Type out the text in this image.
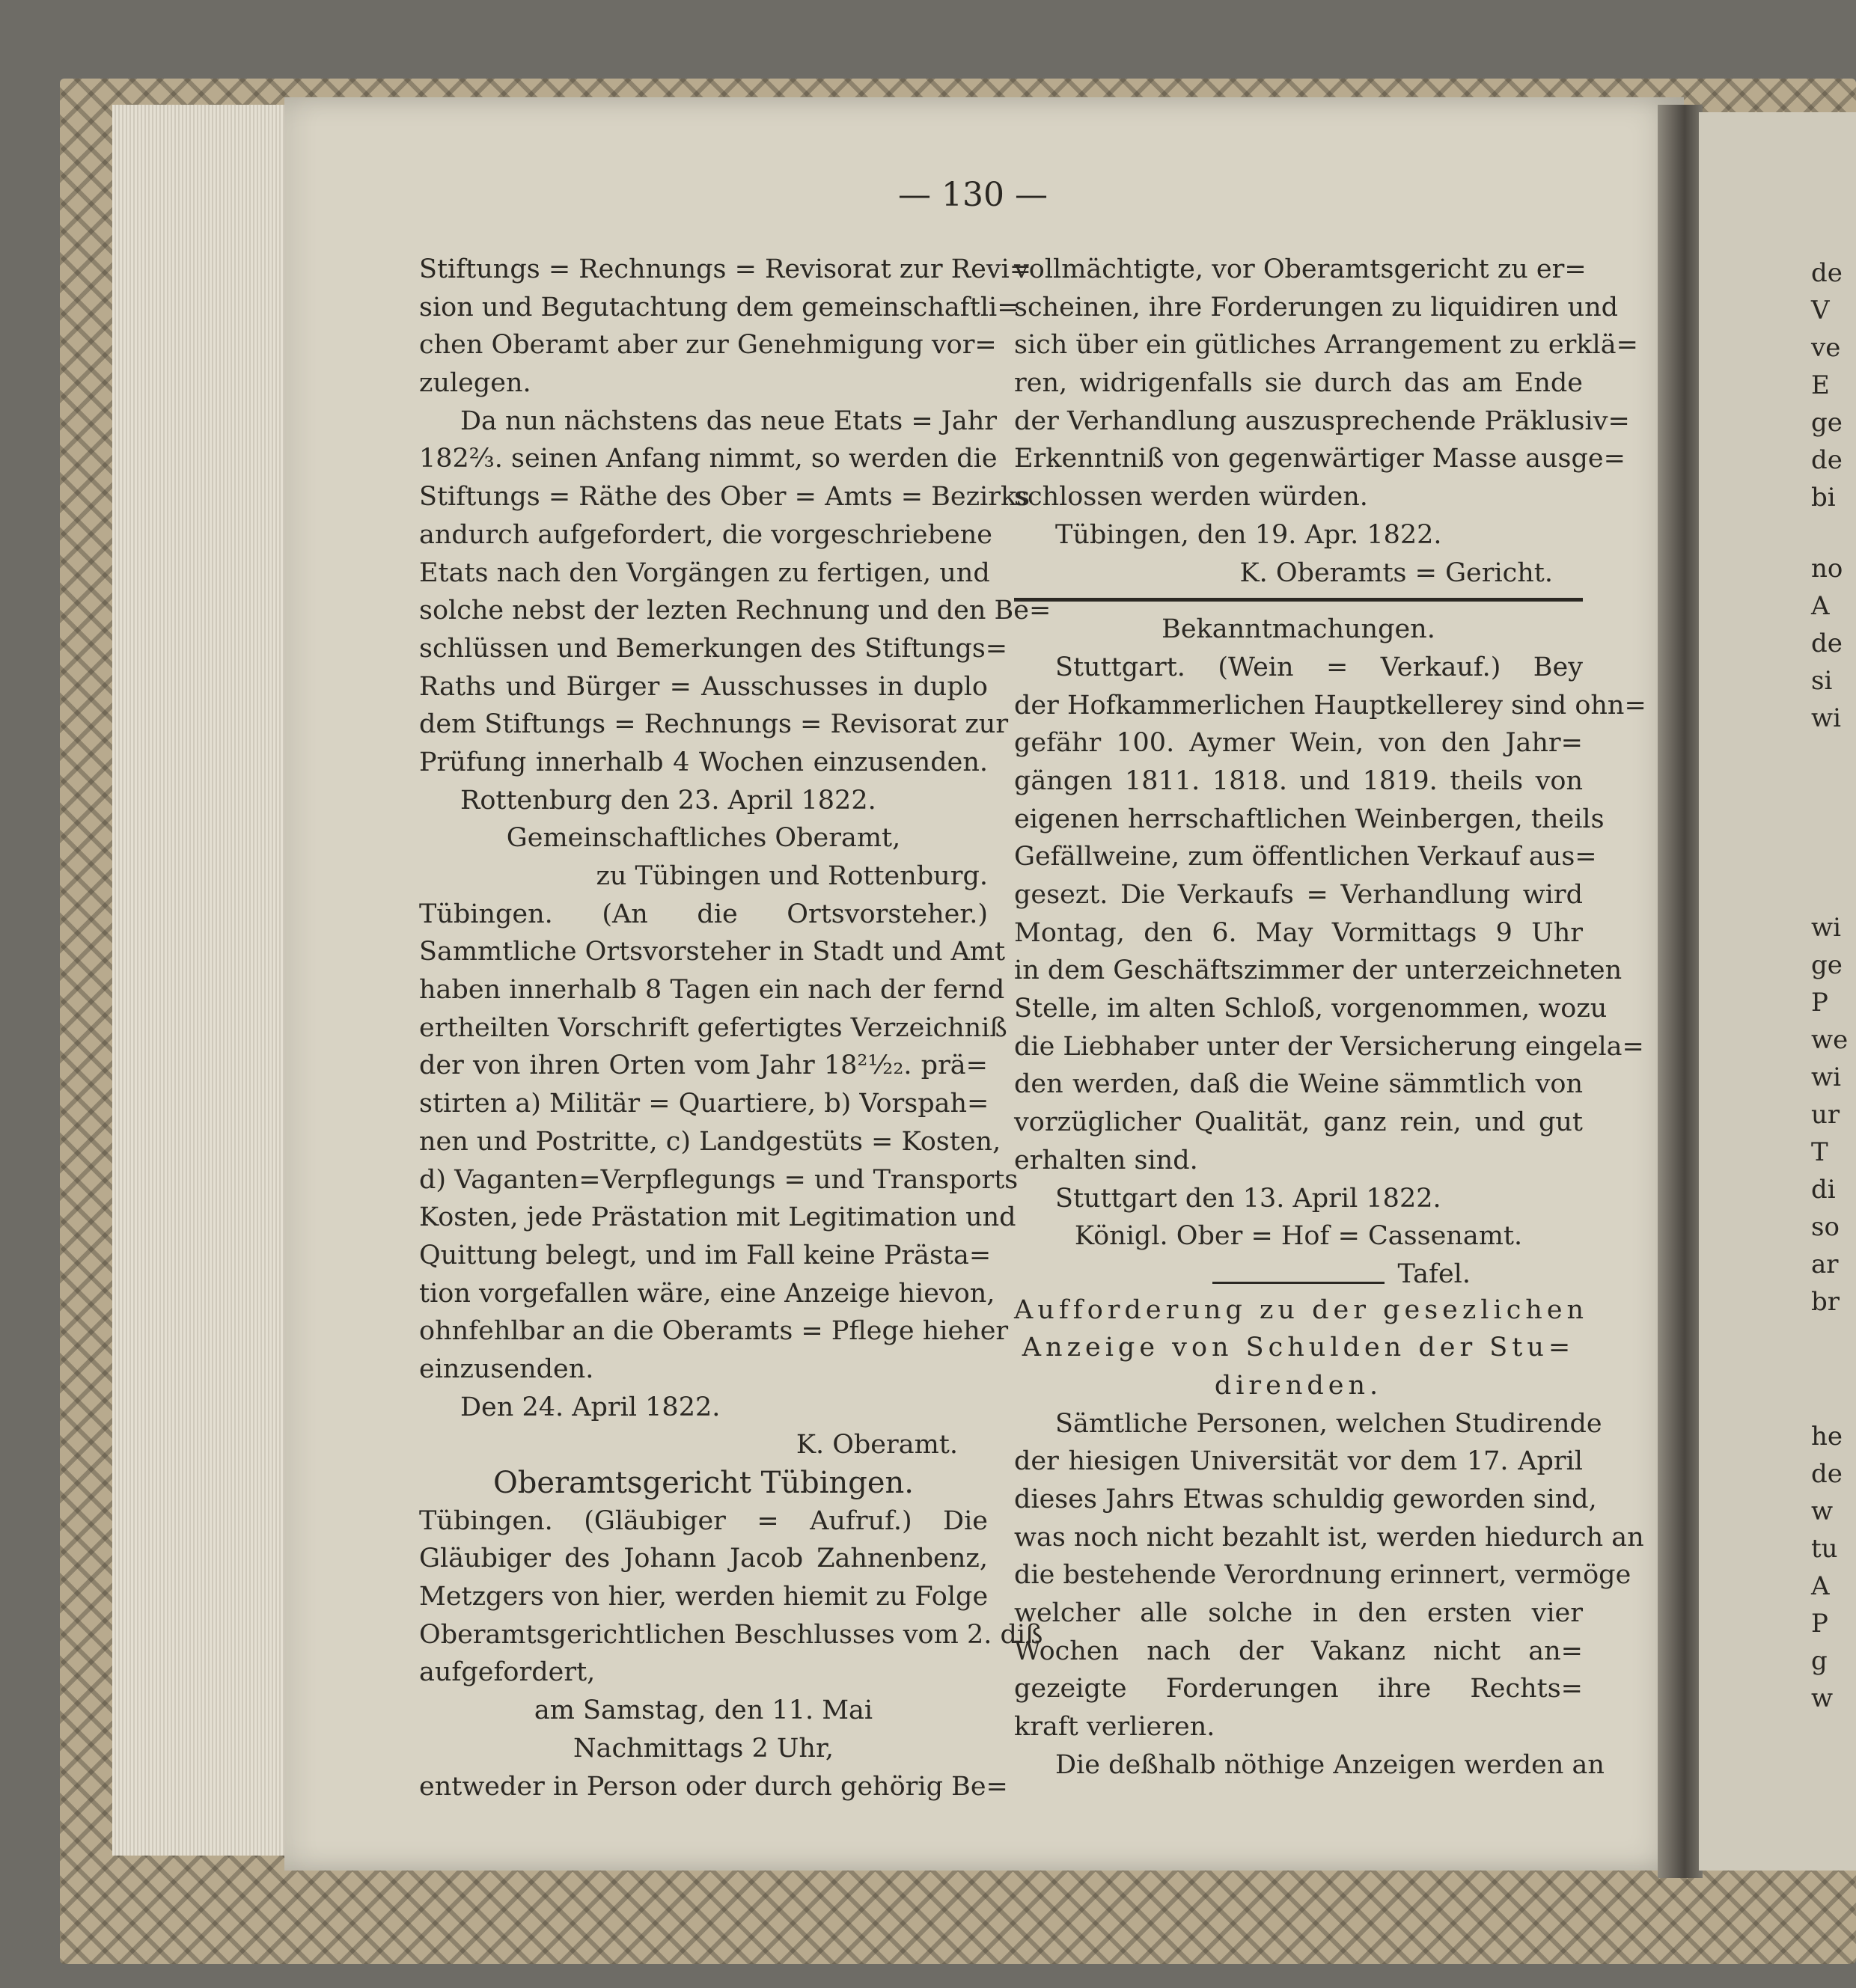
de
V
ve
E
ge
de
bi
no
A
de
si
wi
wi
ge
P
we
wi
ur
T
di
so
ar
br
he
de
w
tu
A
P
g
w
— 130 —
Stiftungs = Rechnungs = Revisorat zur Revi=
sion und Begutachtung dem gemeinschaftli=
chen Oberamt aber zur Genehmigung vor=
zulegen.
Da nun nächstens das neue Etats = Jahr
182⅔. seinen Anfang nimmt, so werden die
Stiftungs = Räthe des Ober = Amts = Bezirks
andurch aufgefordert, die vorgeschriebene
Etats nach den Vorgängen zu fertigen, und
solche nebst der lezten Rechnung und den Be=
schlüssen und Bemerkungen des Stiftungs=
Raths und Bürger = Ausschusses in duplo
dem Stiftungs = Rechnungs = Revisorat zur
Prüfung innerhalb 4 Wochen einzusenden.
Rottenburg den 23. April 1822.
Gemeinschaftliches Oberamt,
zu Tübingen und Rottenburg.
Tübingen. (An die Ortsvorsteher.)
Sammtliche Ortsvorsteher in Stadt und Amt
haben innerhalb 8 Tagen ein nach der fernd
ertheilten Vorschrift gefertigtes Verzeichniß
der von ihren Orten vom Jahr 18²¹⁄₂₂. prä=
stirten a) Militär = Quartiere, b) Vorspah=
nen und Postritte, c) Landgestüts = Kosten,
d) Vaganten=Verpflegungs = und Transports
Kosten, jede Prästation mit Legitimation und
Quittung belegt, und im Fall keine Prästa=
tion vorgefallen wäre, eine Anzeige hievon,
ohnfehlbar an die Oberamts = Pflege hieher
einzusenden.
Den 24. April 1822.
K. Oberamt.
Oberamtsgericht Tübingen.
Tübingen. (Gläubiger = Aufruf.) Die
Gläubiger des Johann Jacob Zahnenbenz,
Metzgers von hier, werden hiemit zu Folge
Oberamtsgerichtlichen Beschlusses vom 2. diß
aufgefordert,
am Samstag, den 11. Mai
Nachmittags 2 Uhr,
entweder in Person oder durch gehörig Be=
vollmächtigte, vor Oberamtsgericht zu er=
scheinen, ihre Forderungen zu liquidiren und
sich über ein gütliches Arrangement zu erklä=
ren, widrigenfalls sie durch das am Ende
der Verhandlung auszusprechende Präklusiv=
Erkenntniß von gegenwärtiger Masse ausge=
schlossen werden würden.
Tübingen, den 19. Apr. 1822.
K. Oberamts = Gericht.
Bekanntmachungen.
Stuttgart. (Wein = Verkauf.) Bey
der Hofkammerlichen Hauptkellerey sind ohn=
gefähr 100. Aymer Wein, von den Jahr=
gängen 1811. 1818. und 1819. theils von
eigenen herrschaftlichen Weinbergen, theils
Gefällweine, zum öffentlichen Verkauf aus=
gesezt. Die Verkaufs = Verhandlung wird
Montag, den 6. May Vormittags 9 Uhr
in dem Geschäftszimmer der unterzeichneten
Stelle, im alten Schloß, vorgenommen, wozu
die Liebhaber unter der Versicherung eingela=
den werden, daß die Weine sämmtlich von
vorzüglicher Qualität, ganz rein, und gut
erhalten sind.
Stuttgart den 13. April 1822.
Königl. Ober = Hof = Cassenamt.
Tafel.
Aufforderung zu der gesezlichen
Anzeige von Schulden der Stu=
direnden.
Sämtliche Personen, welchen Studirende
der hiesigen Universität vor dem 17. April
dieses Jahrs Etwas schuldig geworden sind,
was noch nicht bezahlt ist, werden hiedurch an
die bestehende Verordnung erinnert, vermöge
welcher alle solche in den ersten vier
Wochen nach der Vakanz nicht an=
gezeigte Forderungen ihre Rechts=
kraft verlieren.
Die deßhalb nöthige Anzeigen werden an
